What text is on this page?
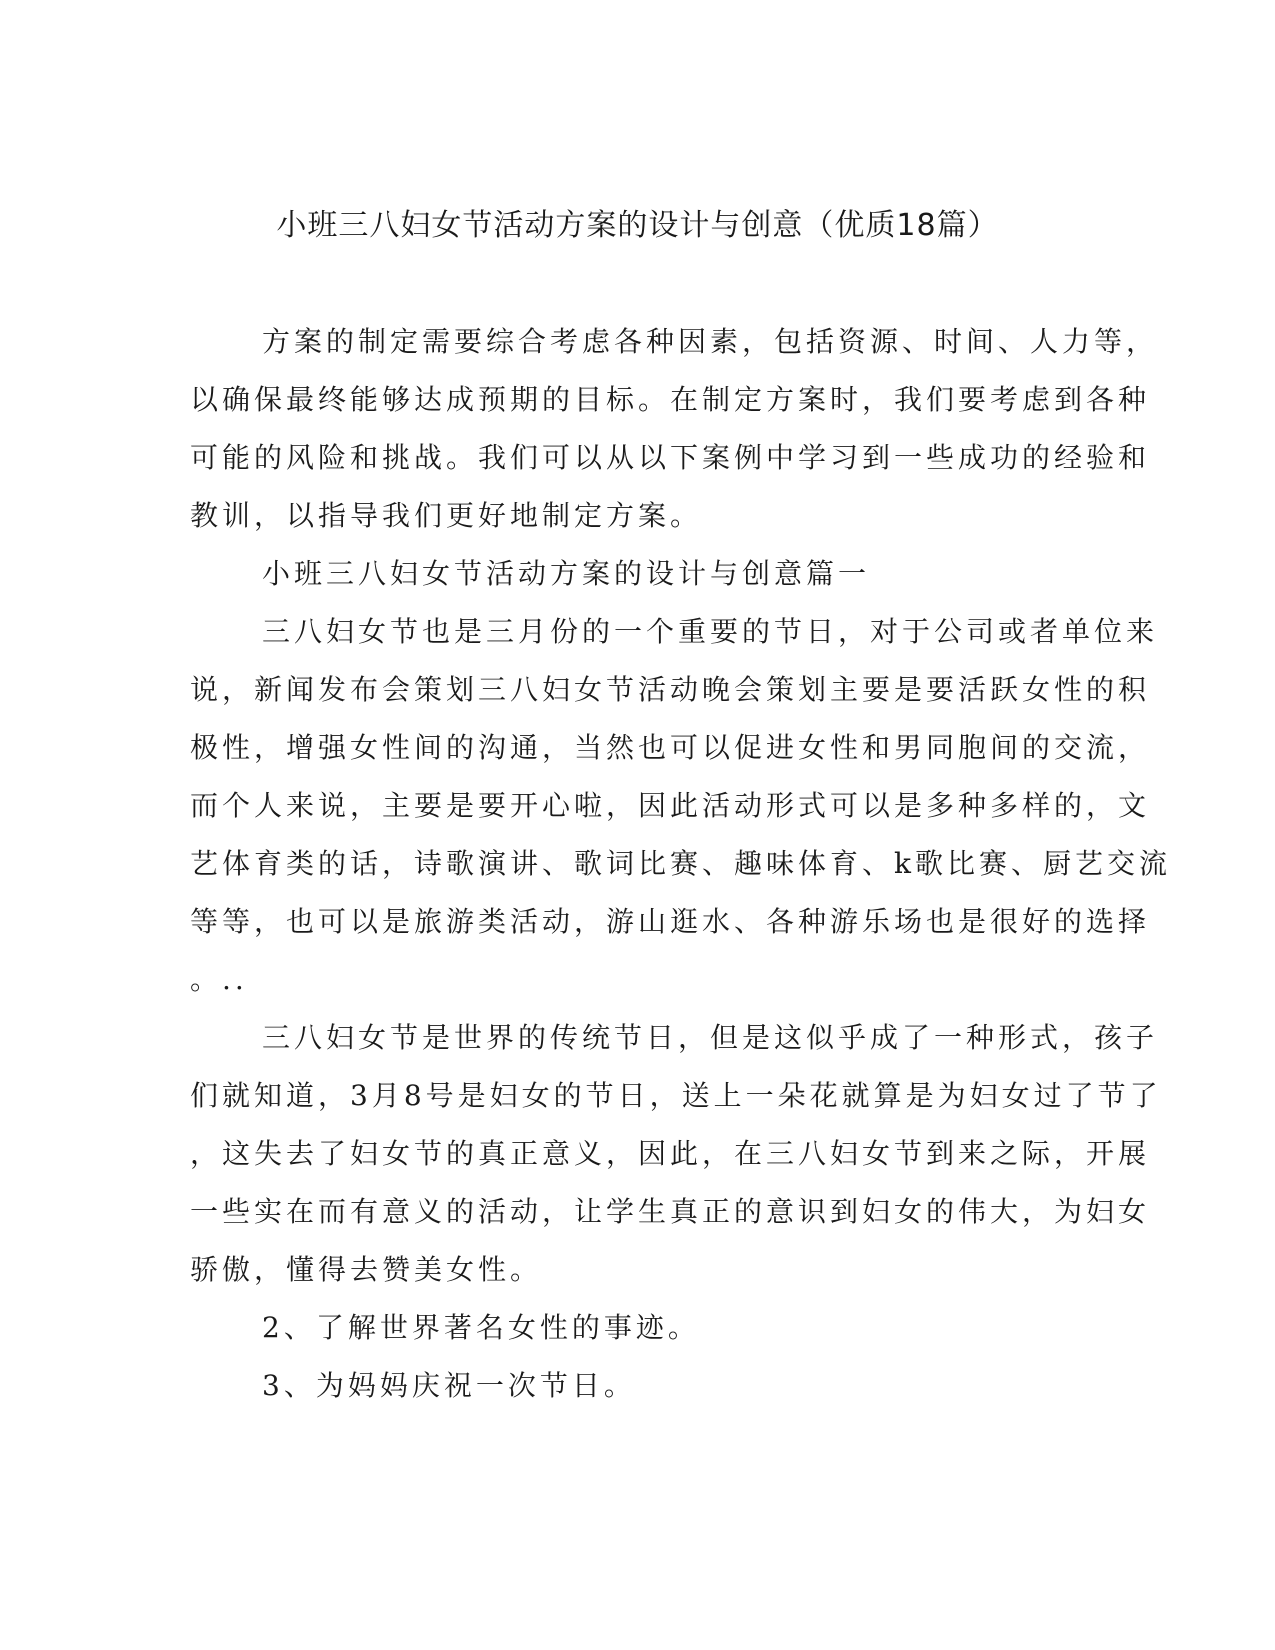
小班三八妇女节活动方案的设计与创意（优质18篇）

方案的制定需要综合考虑各种因素，包括资源、时间、人力等，

以确保最终能够达成预期的目标。在制定方案时，我们要考虑到各种

可能的风险和挑战。我们可以从以下案例中学习到一些成功的经验和

教训，以指导我们更好地制定方案。

小班三八妇女节活动方案的设计与创意篇一

三八妇女节也是三月份的一个重要的节日，对于公司或者单位来

说，新闻发布会策划三八妇女节活动晚会策划主要是要活跃女性的积

极性，增强女性间的沟通，当然也可以促进女性和男同胞间的交流，

而个人来说，主要是要开心啦，因此活动形式可以是多种多样的，文

艺体育类的话，诗歌演讲、歌词比赛、趣味体育、k歌比赛、厨艺交流

等等，也可以是旅游类活动，游山逛水、各种游乐场也是很好的选择

。..

三八妇女节是世界的传统节日，但是这似乎成了一种形式，孩子

们就知道，3月8号是妇女的节日，送上一朵花就算是为妇女过了节了

，这失去了妇女节的真正意义，因此，在三八妇女节到来之际，开展

一些实在而有意义的活动，让学生真正的意识到妇女的伟大，为妇女

骄傲，懂得去赞美女性。

2、了解世界著名女性的事迹。

3、为妈妈庆祝一次节日。
